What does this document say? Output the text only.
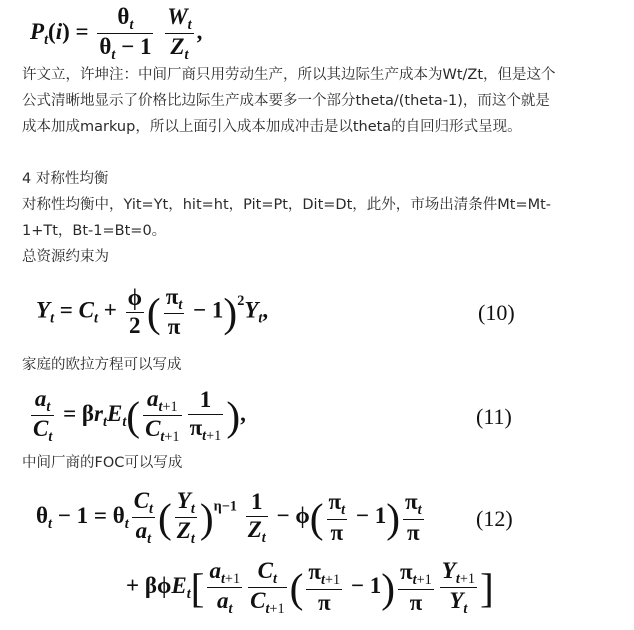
$P_t(i) = \frac{\theta_t}{\theta_t - 1}$
$\frac{W_t}{Z_t}$ ,

许文立，许坤注：中间厂商只用劳动生产，所以其边际生产成本为Wt/Zt，但是这个
公式清晰地显示了价格比边际生产成本要多一个部分theta/(theta-1)，而这个就是
成本加成markup，所以上面引入成本加成冲击是以theta的自回归形式呈现。

4 对称性均衡
对称性均衡中，Yit=Yt，hit=ht，Pit=Pt，Dit=Dt，此外，市场出清条件Mt=Mt-
1+Tt，Bt-1=Bt=0。
总资源约束为

$Y_t = C_t + \frac{\phi}{2}$ ( $\frac{\pi_t}{\pi} - 1)^2Y_t$,	(10)

家庭的欧拉方程可以写成

$\frac{a_t}{C_t} = \beta r_tE_t( \frac{a_{t+1}}{C_{t+1}} \frac{1}{\pi_{t+1}}$ ),	(11)

中间厂商的FOC可以写成

$\theta_t - 1 = \theta_t \frac{C_t}{a_t}$ ( $\frac{Y_t}{Z_t} )^{\eta-1} \frac{1}{Z_t} - \phi( \frac{\pi_t}{\pi} - 1) \frac{\pi_t}{\pi} (12)$
+ $\beta\phi E_t[ \frac{a_{t+1}}{a_t} \frac{C_t}{C_{t+1}}$ ( $\frac{\pi_{t+1}}{\pi} - 1) \frac{\pi_{t+1}}{\pi} \frac{Y_{t+1}}{Y_t}$ ]
